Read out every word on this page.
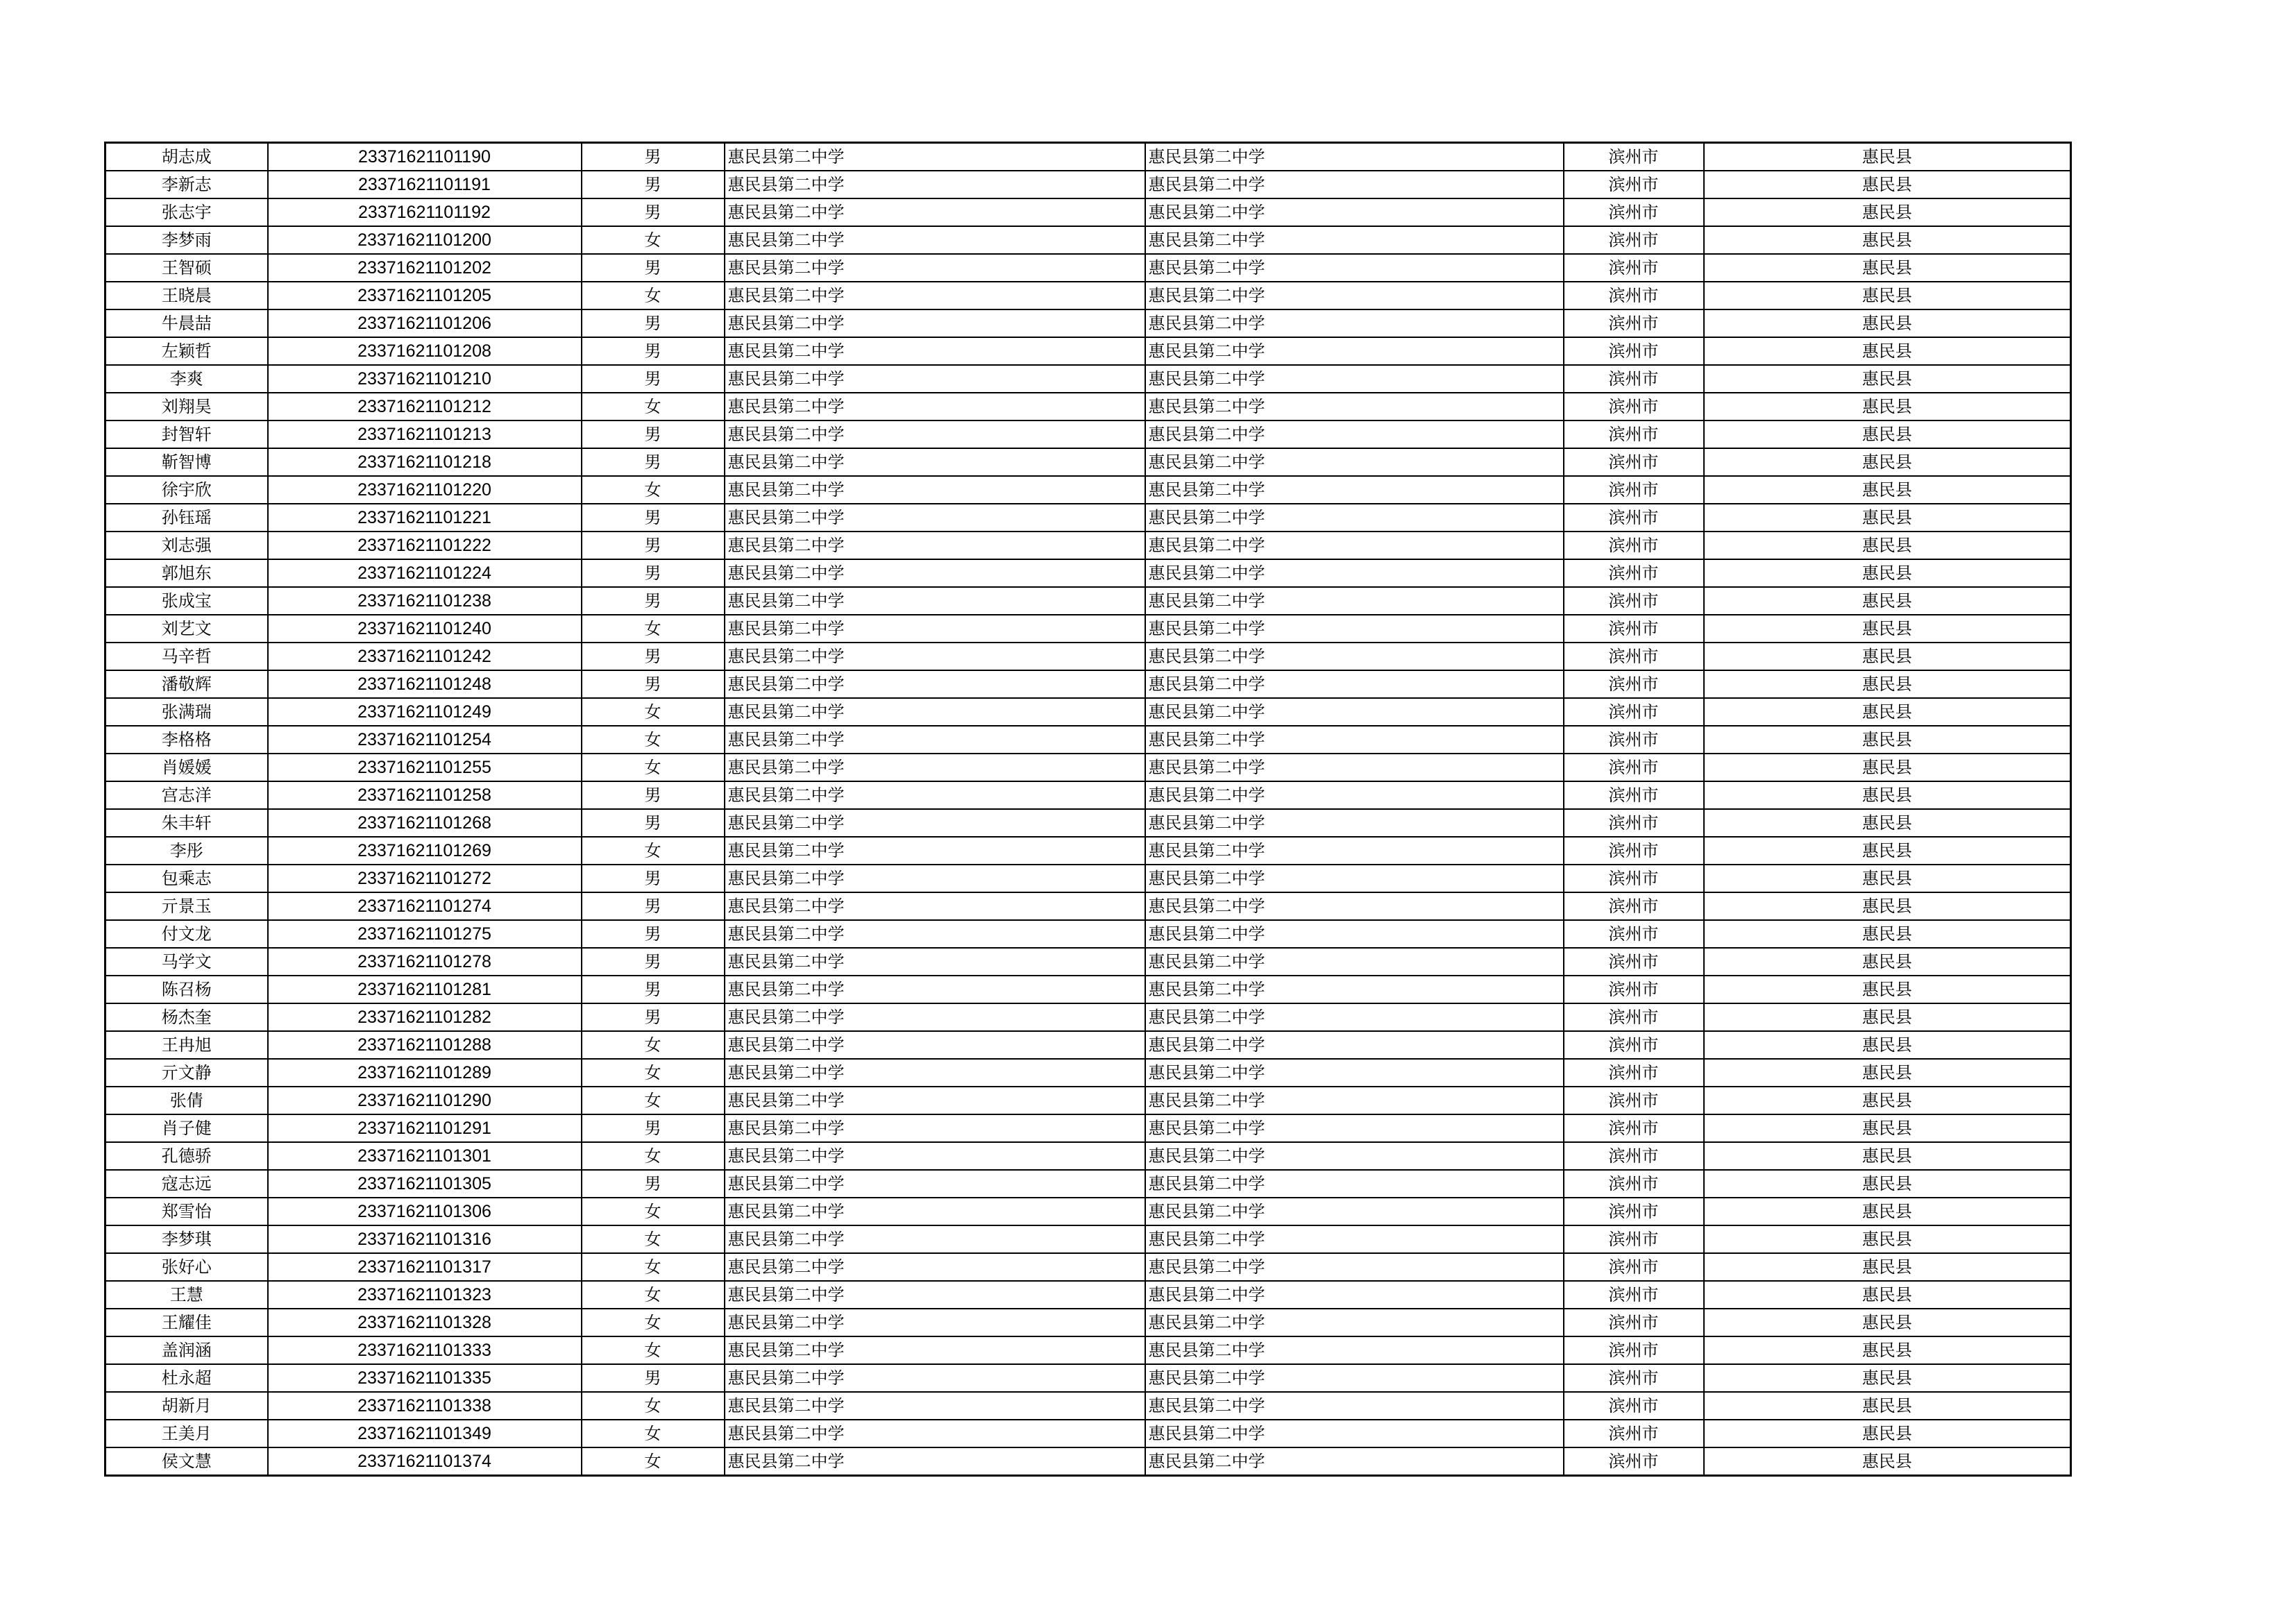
胡志成	23371621101190	男	惠民县第二中学	惠民县第二中学	滨州市	惠民县
李新志	23371621101191	男	惠民县第二中学	惠民县第二中学	滨州市	惠民县
张志宇	23371621101192	男	惠民县第二中学	惠民县第二中学	滨州市	惠民县
李梦雨	23371621101200	女	惠民县第二中学	惠民县第二中学	滨州市	惠民县
王智硕	23371621101202	男	惠民县第二中学	惠民县第二中学	滨州市	惠民县
王晓晨	23371621101205	女	惠民县第二中学	惠民县第二中学	滨州市	惠民县
牛晨喆	23371621101206	男	惠民县第二中学	惠民县第二中学	滨州市	惠民县
左颖哲	23371621101208	男	惠民县第二中学	惠民县第二中学	滨州市	惠民县
李爽	23371621101210	男	惠民县第二中学	惠民县第二中学	滨州市	惠民县
刘翔昊	23371621101212	女	惠民县第二中学	惠民县第二中学	滨州市	惠民县
封智轩	23371621101213	男	惠民县第二中学	惠民县第二中学	滨州市	惠民县
靳智博	23371621101218	男	惠民县第二中学	惠民县第二中学	滨州市	惠民县
徐宇欣	23371621101220	女	惠民县第二中学	惠民县第二中学	滨州市	惠民县
孙钰瑶	23371621101221	男	惠民县第二中学	惠民县第二中学	滨州市	惠民县
刘志强	23371621101222	男	惠民县第二中学	惠民县第二中学	滨州市	惠民县
郭旭东	23371621101224	男	惠民县第二中学	惠民县第二中学	滨州市	惠民县
张成宝	23371621101238	男	惠民县第二中学	惠民县第二中学	滨州市	惠民县
刘艺文	23371621101240	女	惠民县第二中学	惠民县第二中学	滨州市	惠民县
马辛哲	23371621101242	男	惠民县第二中学	惠民县第二中学	滨州市	惠民县
潘敬辉	23371621101248	男	惠民县第二中学	惠民县第二中学	滨州市	惠民县
张满瑞	23371621101249	女	惠民县第二中学	惠民县第二中学	滨州市	惠民县
李格格	23371621101254	女	惠民县第二中学	惠民县第二中学	滨州市	惠民县
肖媛媛	23371621101255	女	惠民县第二中学	惠民县第二中学	滨州市	惠民县
宫志洋	23371621101258	男	惠民县第二中学	惠民县第二中学	滨州市	惠民县
朱丰轩	23371621101268	男	惠民县第二中学	惠民县第二中学	滨州市	惠民县
李彤	23371621101269	女	惠民县第二中学	惠民县第二中学	滨州市	惠民县
包乘志	23371621101272	男	惠民县第二中学	惠民县第二中学	滨州市	惠民县
亓景玉	23371621101274	男	惠民县第二中学	惠民县第二中学	滨州市	惠民县
付文龙	23371621101275	男	惠民县第二中学	惠民县第二中学	滨州市	惠民县
马学文	23371621101278	男	惠民县第二中学	惠民县第二中学	滨州市	惠民县
陈召杨	23371621101281	男	惠民县第二中学	惠民县第二中学	滨州市	惠民县
杨杰奎	23371621101282	男	惠民县第二中学	惠民县第二中学	滨州市	惠民县
王冉旭	23371621101288	女	惠民县第二中学	惠民县第二中学	滨州市	惠民县
亓文静	23371621101289	女	惠民县第二中学	惠民县第二中学	滨州市	惠民县
张倩	23371621101290	女	惠民县第二中学	惠民县第二中学	滨州市	惠民县
肖子健	23371621101291	男	惠民县第二中学	惠民县第二中学	滨州市	惠民县
孔德骄	23371621101301	女	惠民县第二中学	惠民县第二中学	滨州市	惠民县
寇志远	23371621101305	男	惠民县第二中学	惠民县第二中学	滨州市	惠民县
郑雪怡	23371621101306	女	惠民县第二中学	惠民县第二中学	滨州市	惠民县
李梦琪	23371621101316	女	惠民县第二中学	惠民县第二中学	滨州市	惠民县
张好心	23371621101317	女	惠民县第二中学	惠民县第二中学	滨州市	惠民县
王慧	23371621101323	女	惠民县第二中学	惠民县第二中学	滨州市	惠民县
王耀佳	23371621101328	女	惠民县第二中学	惠民县第二中学	滨州市	惠民县
盖润涵	23371621101333	女	惠民县第二中学	惠民县第二中学	滨州市	惠民县
杜永超	23371621101335	男	惠民县第二中学	惠民县第二中学	滨州市	惠民县
胡新月	23371621101338	女	惠民县第二中学	惠民县第二中学	滨州市	惠民县
王美月	23371621101349	女	惠民县第二中学	惠民县第二中学	滨州市	惠民县
侯文慧	23371621101374	女	惠民县第二中学	惠民县第二中学	滨州市	惠民县
